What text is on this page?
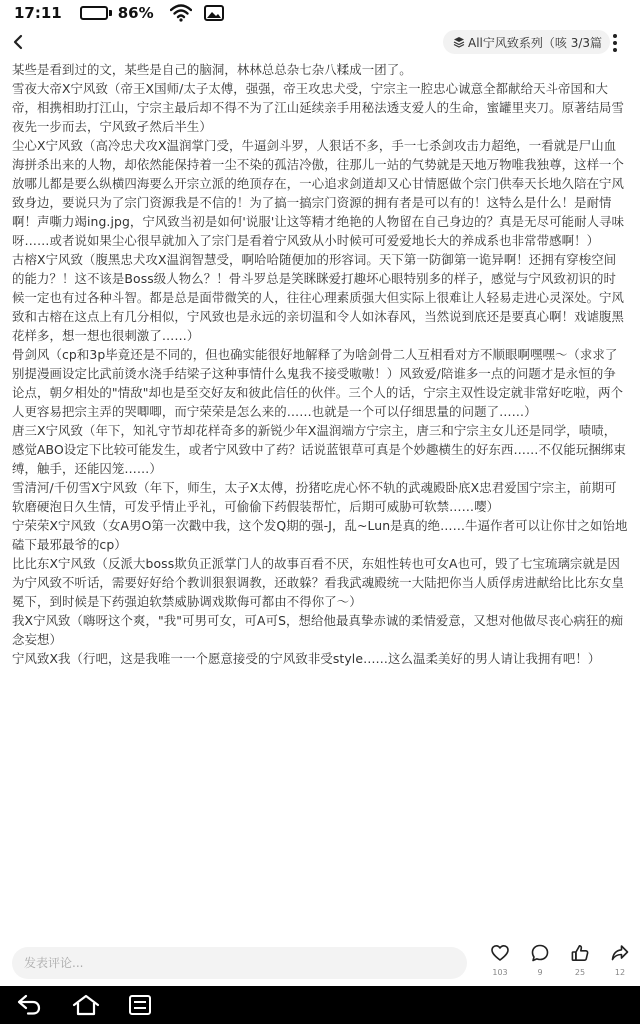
17:11	86%
All宁风致系列（咳 3/3篇

某些是看到过的文，某些是自己的脑洞，林林总总杂七杂八糅成一团了。

雪夜大帝X宁风致（帝王X国师/太子太傅，强强，帝王攻忠犬受，宁宗主一腔忠心诚意全都献给天斗帝国和大帝，相携相助打江山，宁宗主最后却不得不为了江山延续亲手用秘法透支爱人的生命，蜜罐里夹刀。原著结局雪夜先一步而去，宁风致孑然后半生）

尘心X宁风致（高冷忠犬攻X温润掌门受，牛逼剑斗罗，人狠话不多，手一七杀剑攻击力超绝，一看就是尸山血海拼杀出来的人物，却依然能保持着一尘不染的孤洁冷傲，往那儿一站的气势就是天地万物唯我独尊，这样一个放哪儿都是要么纵横四海要么开宗立派的绝顶存在，一心追求剑道却又心甘情愿做个宗门供奉天长地久陪在宁风致身边，要说只为了宗门资源我是不信的！为了搞一搞宗门资源的拥有者是可以有的！这特么是什么！是耐情啊！声嘶力竭ing.jpg，宁风致当初是如何'说服'让这等精才绝艳的人物留在自己身边的？真是无尽可能耐人寻味呀……或者说如果尘心很早就加入了宗门是看着宁风致从小时候可可爱爱地长大的养成系也非常带感啊！）

古榕X宁风致（腹黑忠犬攻X温润智慧受，啊哈哈随便加的形容词。天下第一防御第一诡异啊！还拥有穿梭空间的能力？！这不该是Boss级人物么？！骨斗罗总是笑眯眯爱打趣坏心眼特别多的样子，感觉与宁风致初识的时候一定也有过各种斗智。都是总是面带微笑的人，往往心理素质强大但实际上很难让人轻易走进心灵深处。宁风致和古榕在这点上有几分相似，宁风致也是永远的亲切温和令人如沐春风，当然说到底还是要真心啊！戏谑腹黑花样多，想一想也很刺激了……）

骨剑风（cp和3p毕竟还是不同的，但也确实能很好地解释了为啥剑骨二人互相看对方不顺眼啊嘿嘿～（求求了别提漫画设定比武前烫水浇手结梁子这种事情什么鬼我不接受嗷嗷！）风致爱/陪谁多一点的问题才是永恒的争论点，朝夕相处的"情敌"却也是至交好友和彼此信任的伙伴。三个人的话，宁宗主双性设定就非常好吃啦，两个人更容易把宗主弄的哭唧唧，而宁荣荣是怎么来的……也就是一个可以仔细思量的问题了……）

唐三X宁风致（年下，知礼守节却花样奇多的新锐少年X温润端方宁宗主，唐三和宁宗主女儿还是同学，啧啧，感觉ABO设定下比较可能发生，或者宁风致中了药？话说蓝银草可真是个妙趣横生的好东西……不仅能玩捆绑束缚，触手，还能囚笼……）

雪清河/千仞雪X宁风致（年下，师生，太子X太傅，扮猪吃虎心怀不轨的武魂殿卧底X忠君爱国宁宗主，前期可软磨硬泡日久生情，可发乎情止乎礼，可偷偷下药假装帮忙，后期可威胁可软禁……嘤）

宁荣荣X宁风致（女A男O第一次戳中我，这个发Q期的强-J，乱~Lun是真的绝……牛逼作者可以让你甘之如饴地磕下最邪最爷的cp）

比比东X宁风致（反派大boss欺负正派掌门人的故事百看不厌，东姐性转也可女A也可，毁了七宝琉璃宗就是因为宁风致不听话，需要好好给个教训狠狠调教，还敢躲？看我武魂殿统一大陆把你当人质俘虏进献给比比东女皇冕下，到时候是下药强迫软禁威胁调戏欺侮可都由不得你了～）

我X宁风致（嗨呀这个爽，"我"可男可女，可A可S，想给他最真挚赤诚的柔情爱意，又想对他做尽丧心病狂的痴念妄想）

宁风致X我（行吧，这是我唯一一个愿意接受的宁风致非受style……这么温柔美好的男人请让我拥有吧！）

发表评论...
103	9	25	12
